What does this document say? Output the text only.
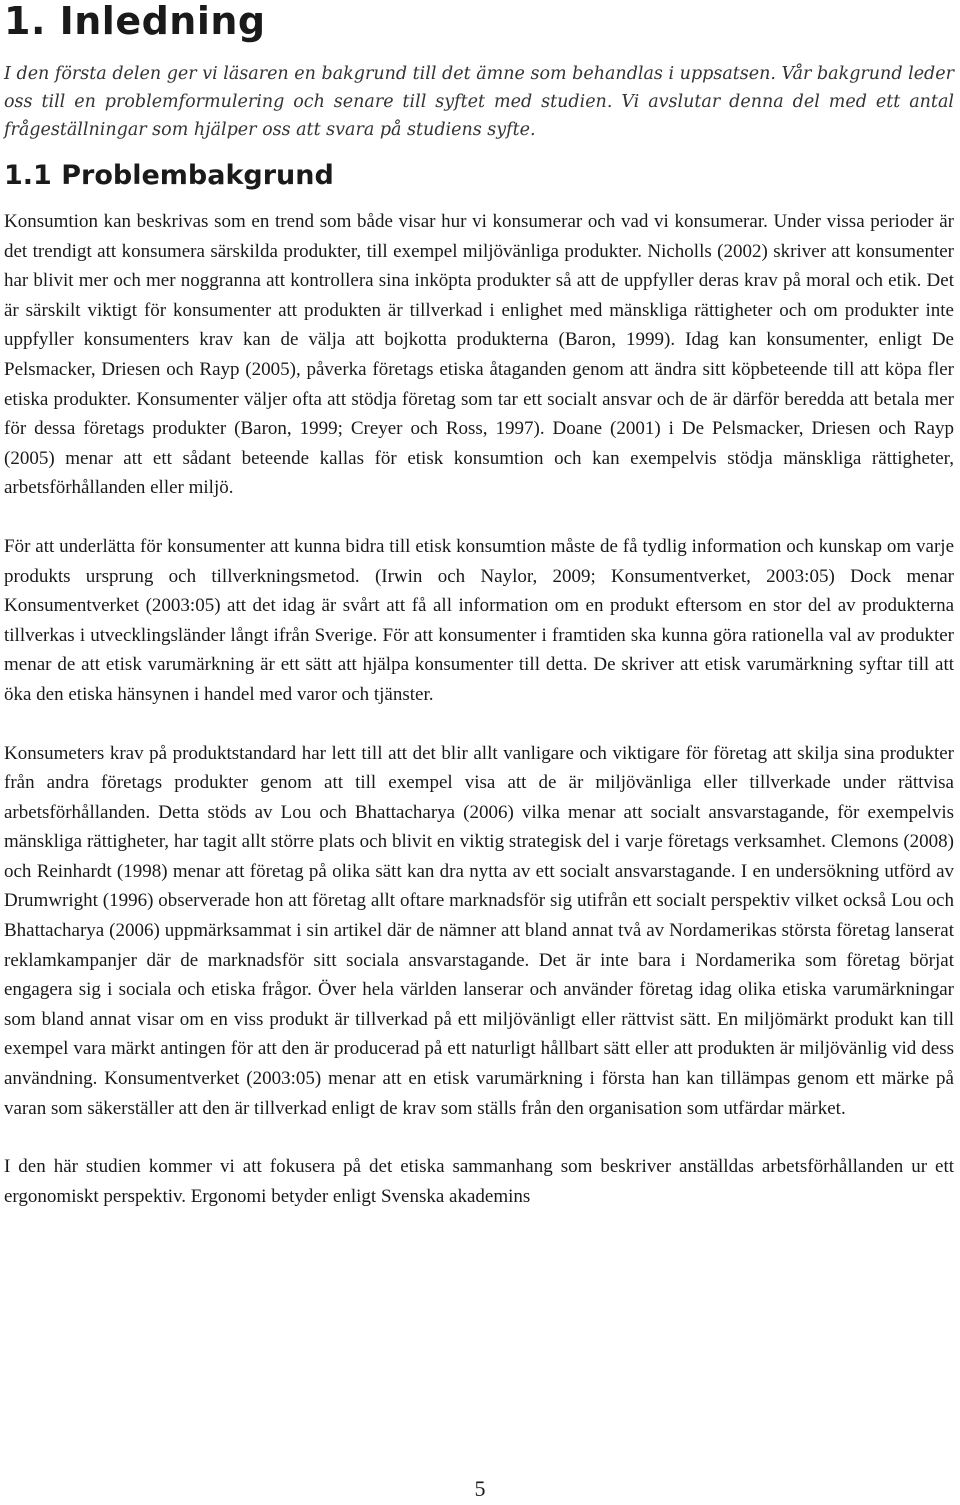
1. Inledning

I den första delen ger vi läsaren en bakgrund till det ämne som behandlas i uppsatsen. Vår bakgrund leder oss till en problemformulering och senare till syftet med studien. Vi avslutar denna del med ett antal frågeställningar som hjälper oss att svara på studiens syfte.

1.1 Problembakgrund

Konsumtion kan beskrivas som en trend som både visar hur vi konsumerar och vad vi konsumerar. Under vissa perioder är det trendigt att konsumera särskilda produkter, till exempel miljövänliga produkter. Nicholls (2002) skriver att konsumenter har blivit mer och mer noggranna att kontrollera sina inköpta produkter så att de uppfyller deras krav på moral och etik. Det är särskilt viktigt för konsumenter att produkten är tillverkad i enlighet med mänskliga rättigheter och om produkter inte uppfyller konsumenters krav kan de välja att bojkotta produkterna (Baron, 1999). Idag kan konsumenter, enligt De Pelsmacker, Driesen och Rayp (2005), påverka företags etiska åtaganden genom att ändra sitt köpbeteende till att köpa fler etiska produkter. Konsumenter väljer ofta att stödja företag som tar ett socialt ansvar och de är därför beredda att betala mer för dessa företags produkter (Baron, 1999; Creyer och Ross, 1997). Doane (2001) i De Pelsmacker, Driesen och Rayp (2005) menar att ett sådant beteende kallas för etisk konsumtion och kan exempelvis stödja mänskliga rättigheter, arbetsförhållanden eller miljö.

För att underlätta för konsumenter att kunna bidra till etisk konsumtion måste de få tydlig information och kunskap om varje produkts ursprung och tillverkningsmetod. (Irwin och Naylor, 2009; Konsumentverket, 2003:05) Dock menar Konsumentverket (2003:05) att det idag är svårt att få all information om en produkt eftersom en stor del av produkterna tillverkas i utvecklingsländer långt ifrån Sverige. För att konsumenter i framtiden ska kunna göra rationella val av produkter menar de att etisk varumärkning är ett sätt att hjälpa konsumenter till detta. De skriver att etisk varumärkning syftar till att öka den etiska hänsynen i handel med varor och tjänster.

Konsumeters krav på produktstandard har lett till att det blir allt vanligare och viktigare för företag att skilja sina produkter från andra företags produkter genom att till exempel visa att de är miljövänliga eller tillverkade under rättvisa arbetsförhållanden. Detta stöds av Lou och Bhattacharya (2006) vilka menar att socialt ansvarstagande, för exempelvis mänskliga rättigheter, har tagit allt större plats och blivit en viktig strategisk del i varje företags verksamhet. Clemons (2008) och Reinhardt (1998) menar att företag på olika sätt kan dra nytta av ett socialt ansvarstagande. I en undersökning utförd av Drumwright (1996) observerade hon att företag allt oftare marknadsför sig utifrån ett socialt perspektiv vilket också Lou och Bhattacharya (2006) uppmärksammat i sin artikel där de nämner att bland annat två av Nordamerikas största företag lanserat reklamkampanjer där de marknadsför sitt sociala ansvarstagande. Det är inte bara i Nordamerika som företag börjat engagera sig i sociala och etiska frågor. Över hela världen lanserar och använder företag idag olika etiska varumärkningar som bland annat visar om en viss produkt är tillverkad på ett miljövänligt eller rättvist sätt. En miljömärkt produkt kan till exempel vara märkt antingen för att den är producerad på ett naturligt hållbart sätt eller att produkten är miljövänlig vid dess användning. Konsumentverket (2003:05) menar att en etisk varumärkning i första han kan tillämpas genom ett märke på varan som säkerställer att den är tillverkad enligt de krav som ställs från den organisation som utfärdar märket.

I den här studien kommer vi att fokusera på det etiska sammanhang som beskriver anställdas arbetsförhållanden ur ett ergonomiskt perspektiv. Ergonomi betyder enligt Svenska akademins

5
